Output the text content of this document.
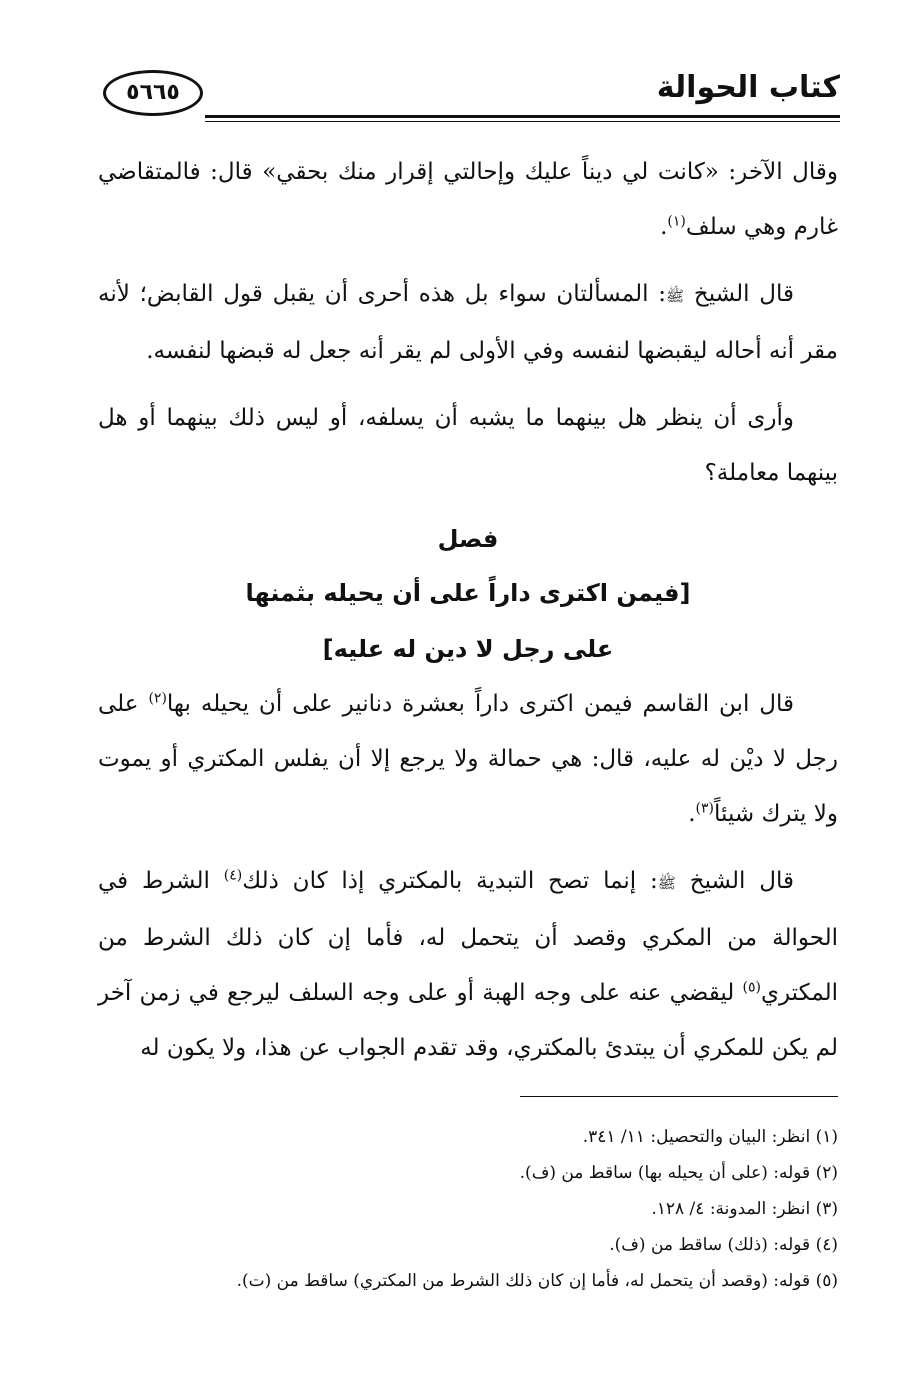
كتاب الحوالة
٥٦٦٥

وقال الآخر: «كانت لي ديناً عليك وإحالتي إقرار منك بحقي» قال: فالمتقاضي غارم وهي سلف$^{(١)}$.

قال الشيخ ﷺ: المسألتان سواء بل هذه أحرى أن يقبل قول القابض؛ لأنه مقر أنه أحاله ليقبضها لنفسه وفي الأولى لم يقر أنه جعل له قبضها لنفسه.

وأرى أن ينظر هل بينهما ما يشبه أن يسلفه، أو ليس ذلك بينهما أو هل بينهما معاملة؟

فصل

[فيمن اكترى داراً على أن يحيله بثمنها

على رجل لا دين له عليه]

قال ابن القاسم فيمن اكترى داراً بعشرة دنانير على أن يحيله بها$^{(٢)}$ على رجل لا ديْن له عليه، قال: هي حمالة ولا يرجع إلا أن يفلس المكتري أو يموت ولا يترك شيئاً$^{(٣)}$.

قال الشيخ ﷺ: إنما تصح التبدية بالمكتري إذا كان ذلك$^{(٤)}$ الشرط في الحوالة من المكري وقصد أن يتحمل له، فأما إن كان ذلك الشرط من المكتري$^{(٥)}$ ليقضي عنه على وجه الهبة أو على وجه السلف ليرجع في زمن آخر لم يكن للمكري أن يبتدئ بالمكتري، وقد تقدم الجواب عن هذا، ولا يكون له

(١) انظر: البيان والتحصيل: ١١/ ٣٤١.

(٢) قوله: (على أن يحيله بها) ساقط من (ف).

(٣) انظر: المدونة: ٤/ ١٢٨.

(٤) قوله: (ذلك) ساقط من (ف).

(٥) قوله: (وقصد أن يتحمل له، فأما إن كان ذلك الشرط من المكتري) ساقط من (ت).
